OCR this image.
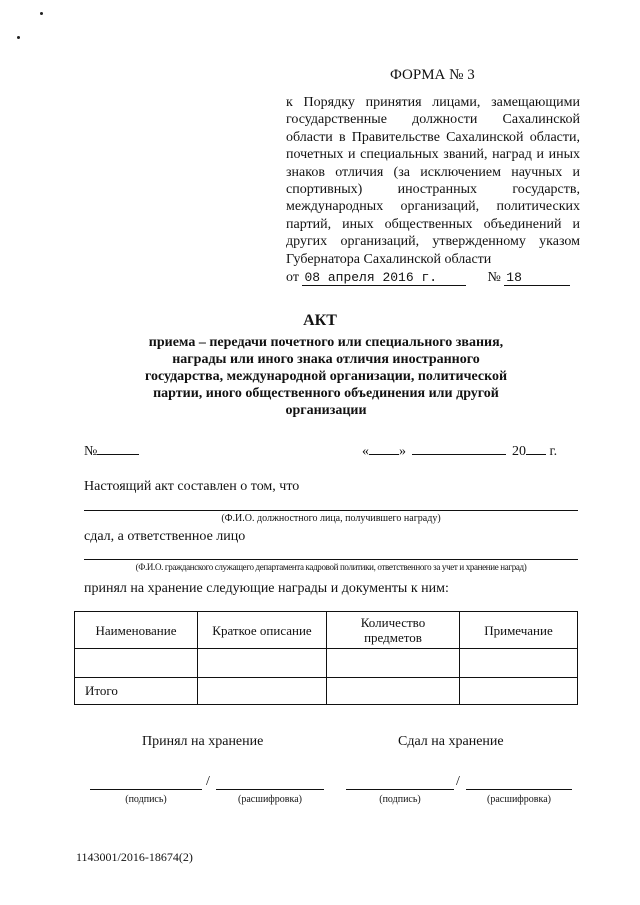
ФОРМА № 3
к Порядку принятия лицами, замещающими государственные должности Сахалинской области в Правительстве Сахалинской области, почетных и специальных званий, наград и иных знаков отличия (за исключением научных и спортивных) иностранных государств, международных организаций, политических партий, иных общественных объединений и других организаций, утвержденному указом Губернатора Сахалинской области
от 08 апреля 2016 г.	№ 18
АКТ
приема – передачи почетного или специального звания, награды или иного знака отличия иностранного государства, международной организации, политической партии, иного общественного объединения или другой организации
№	« »	20 г.
Настоящий акт составлен о том, что
(Ф.И.О. должностного лица, получившего награду)
сдал, а ответственное лицо
(Ф.И.О. гражданского служащего департамента кадровой политики, ответственного за учет и хранение наград)
принял на хранение следующие награды и документы к ним:
Наименование	Краткое описание	Количество предметов	Примечание

Итого			
Принял на хранение	Сдал на хранение
/
(подпись)	(расшифровка)
/
(подпись)	(расшифровка)
1143001/2016-18674(2)
